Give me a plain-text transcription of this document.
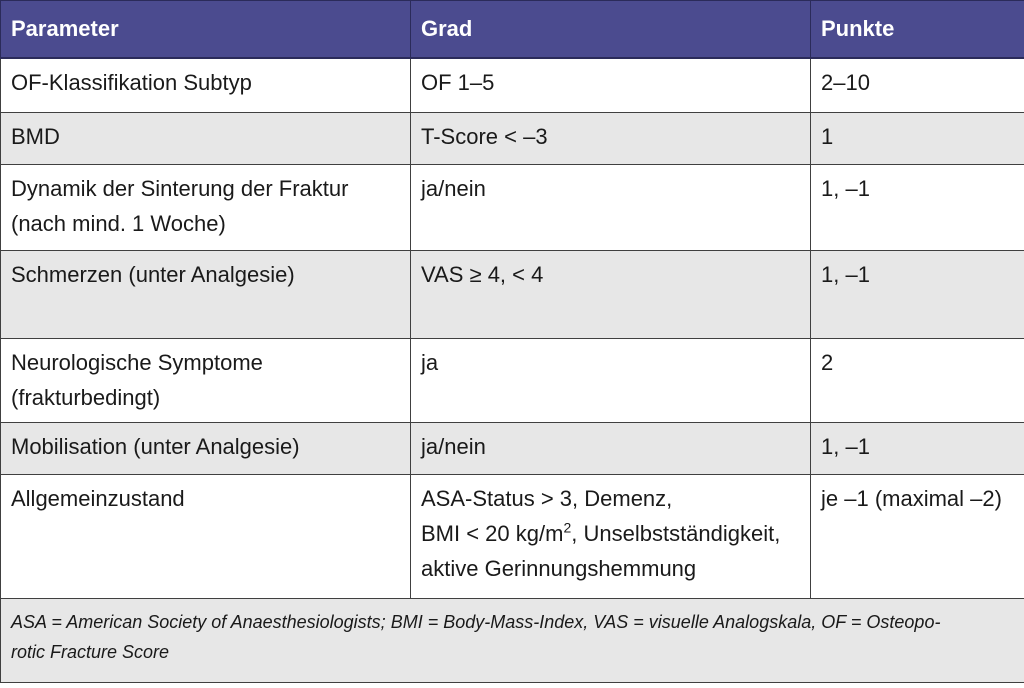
Parameter	Grad	Punkte
OF-Klassifikation Subtyp	OF 1–5	2–10
BMD	T-Score < –3	1
Dynamik der Sinterung der Fraktur
(nach mind. 1 Woche)	ja/nein	1, –1
Schmerzen (unter Analgesie)	VAS ≥ 4, < 4	1, –1
Neurologische Symptome
(frakturbedingt)	ja	2
Mobilisation (unter Analgesie)	ja/nein	1, –1
Allgemeinzustand	ASA-Status > 3, Demenz,
BMI < 20 $kg/m^2$, Unselbstständigkeit,
aktive Gerinnungshemmung	je –1 (maximal –2)
ASA = American Society of Anaesthesiologists; BMI = Body-Mass-Index, VAS = visuelle Analogskala, OF = Osteopo-
rotic Fracture Score		
